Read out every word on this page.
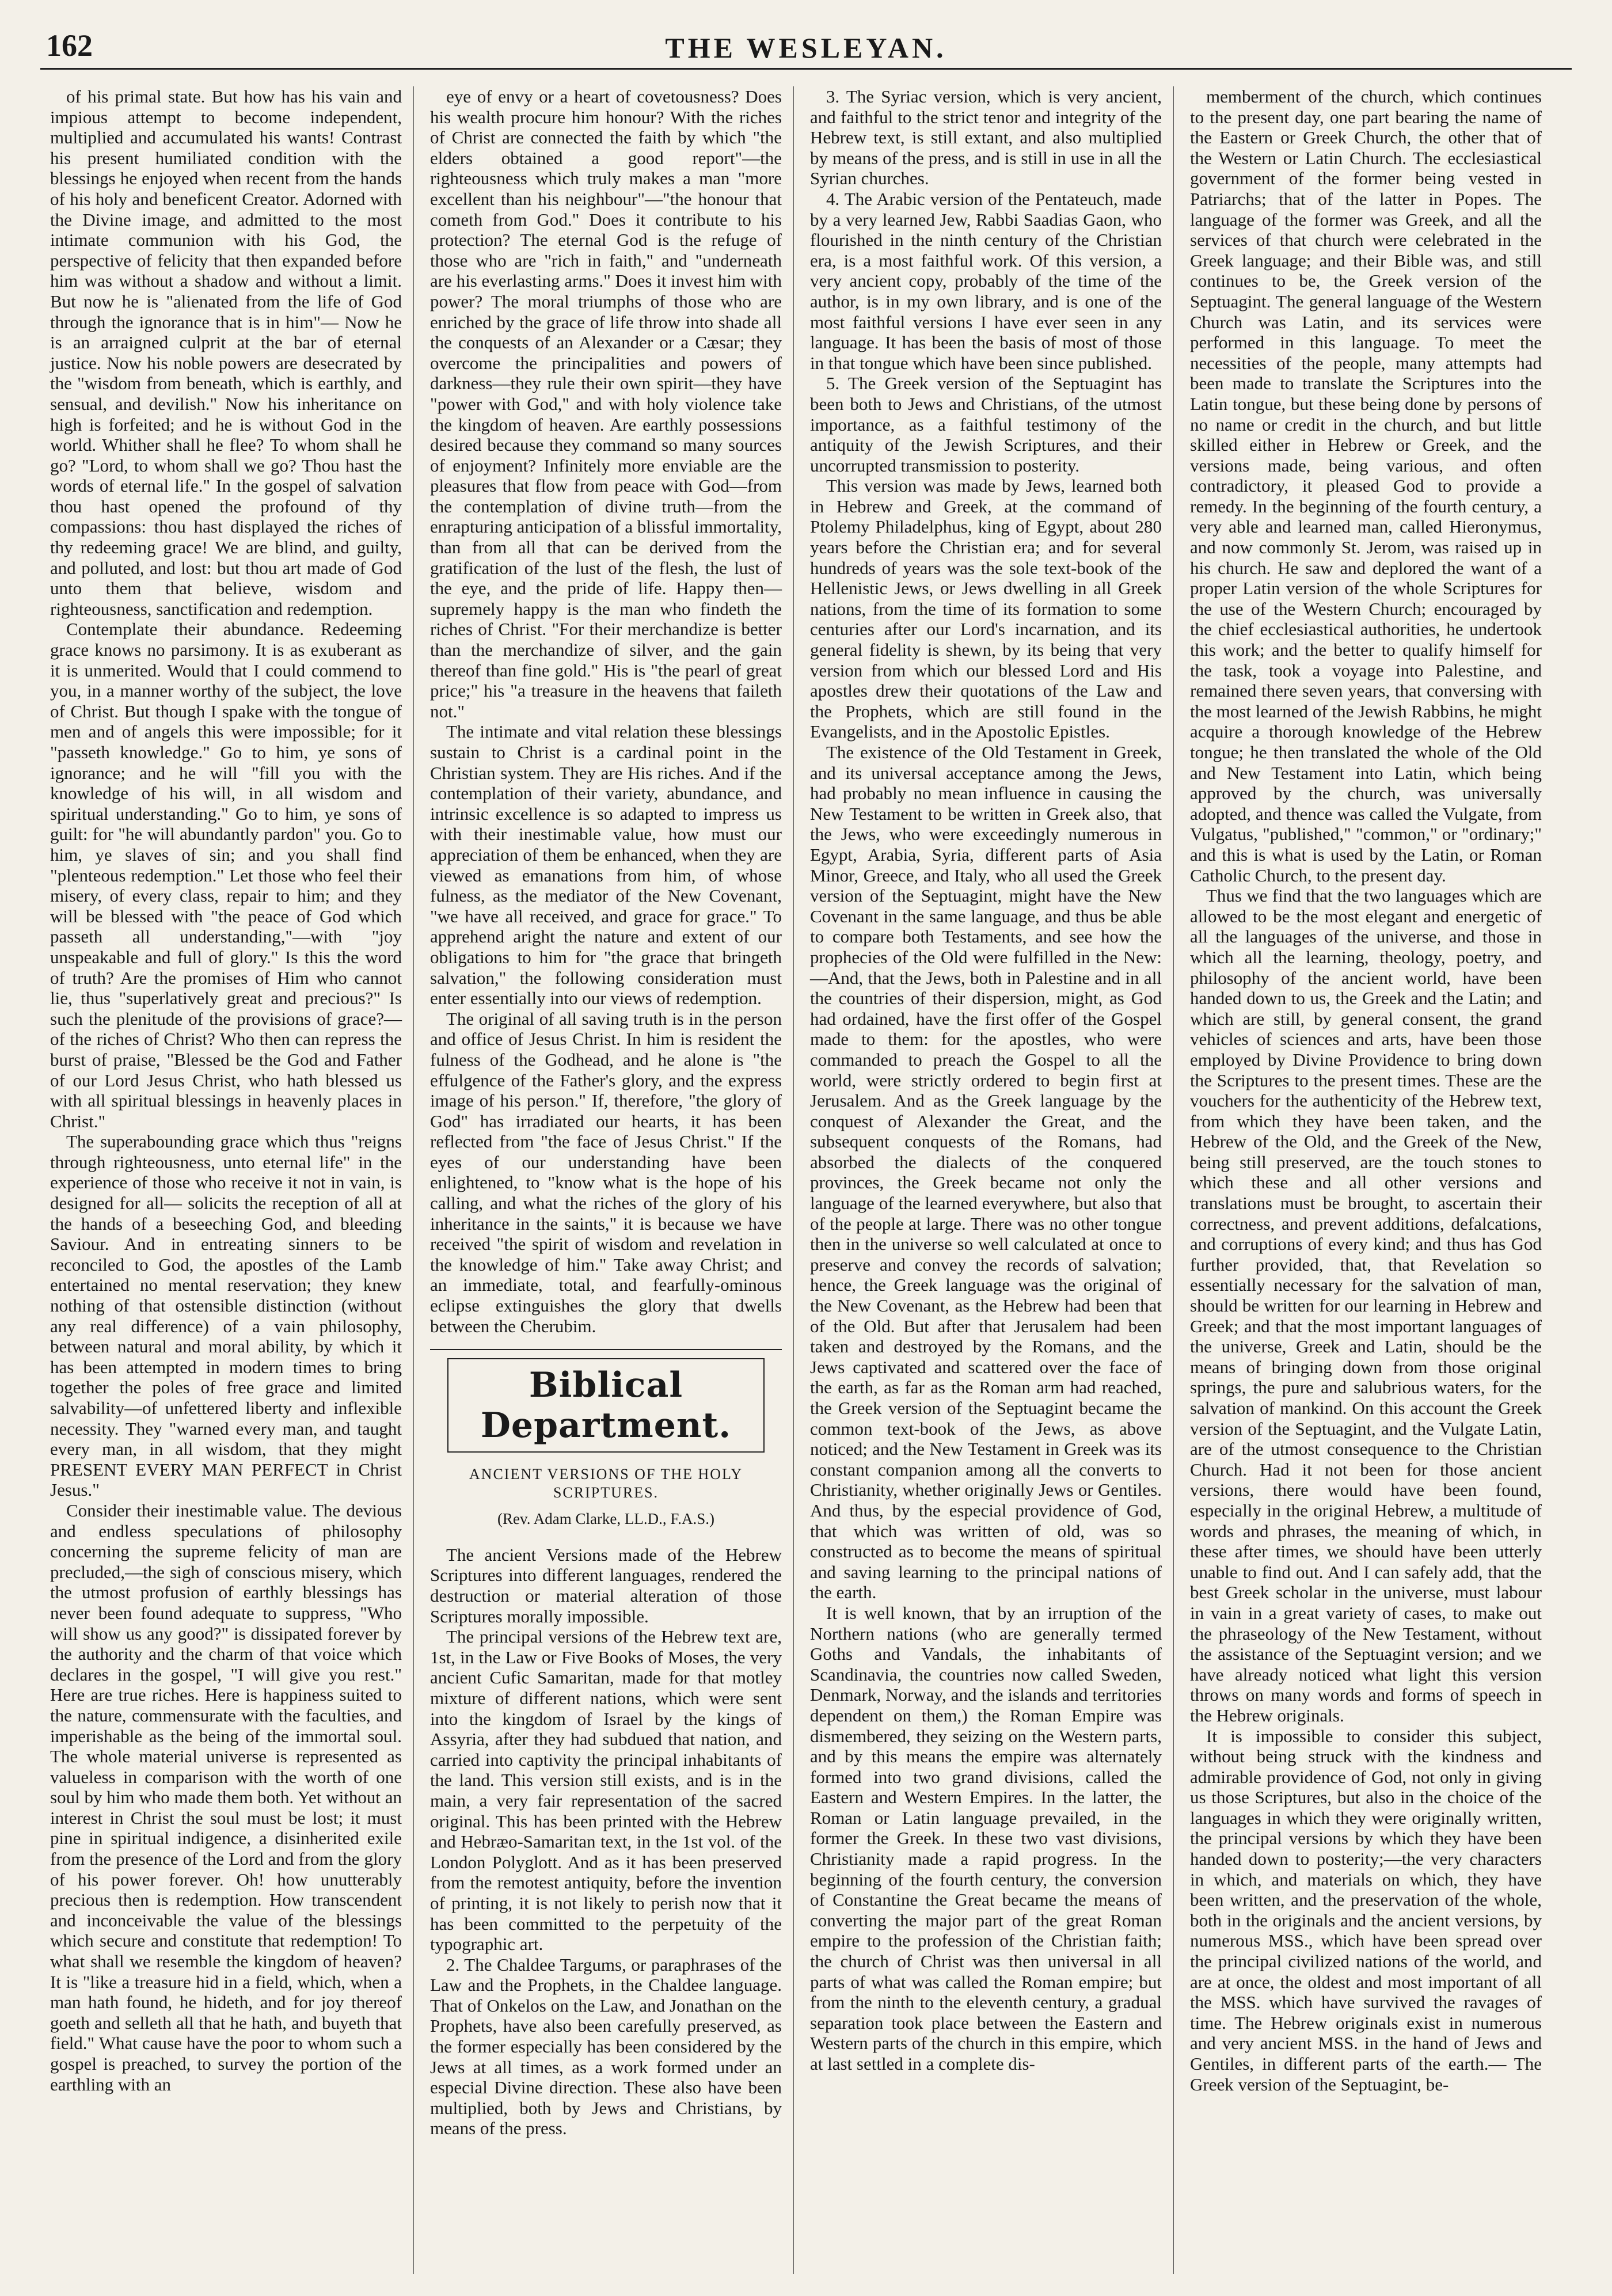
162	THE WESLEYAN.

of his primal state. But how has his vain and impious attempt to become independent, multiplied and accumulated his wants! Contrast his present humiliated condition with the blessings he enjoyed when recent from the hands of his holy and beneficent Creator. Adorned with the Divine image, and admitted to the most intimate communion with his God, the perspective of felicity that then expanded before him was without a shadow and without a limit. But now he is "alienated from the life of God through the ignorance that is in him"— Now he is an arraigned culprit at the bar of eternal justice. Now his noble powers are desecrated by the "wisdom from beneath, which is earthly, and sensual, and devilish." Now his inheritance on high is forfeited; and he is without God in the world. Whither shall he flee? To whom shall he go? "Lord, to whom shall we go? Thou hast the words of eternal life." In the gospel of salvation thou hast opened the profound of thy compassions: thou hast displayed the riches of thy redeeming grace! We are blind, and guilty, and polluted, and lost: but thou art made of God unto them that believe, wisdom and righteousness, sanctification and redemption.

Contemplate their abundance. Redeeming grace knows no parsimony. It is as exuberant as it is unmerited. Would that I could commend to you, in a manner worthy of the subject, the love of Christ. But though I spake with the tongue of men and of angels this were impossible; for it "passeth knowledge." Go to him, ye sons of ignorance; and he will "fill you with the knowledge of his will, in all wisdom and spiritual understanding." Go to him, ye sons of guilt: for "he will abundantly pardon" you. Go to him, ye slaves of sin; and you shall find "plenteous redemption." Let those who feel their misery, of every class, repair to him; and they will be blessed with "the peace of God which passeth all understanding,"—with "joy unspeakable and full of glory." Is this the word of truth? Are the promises of Him who cannot lie, thus "superlatively great and precious?" Is such the plenitude of the provisions of grace?—of the riches of Christ? Who then can repress the burst of praise, "Blessed be the God and Father of our Lord Jesus Christ, who hath blessed us with all spiritual blessings in heavenly places in Christ."

The superabounding grace which thus "reigns through righteousness, unto eternal life" in the experience of those who receive it not in vain, is designed for all— solicits the reception of all at the hands of a beseeching God, and bleeding Saviour. And in entreating sinners to be reconciled to God, the apostles of the Lamb entertained no mental reservation; they knew nothing of that ostensible distinction (without any real difference) of a vain philosophy, between natural and moral ability, by which it has been attempted in modern times to bring together the poles of free grace and limited salvability—of unfettered liberty and inflexible necessity. They "warned every man, and taught every man, in all wisdom, that they might PRESENT EVERY MAN PERFECT in Christ Jesus."

Consider their inestimable value. The devious and endless speculations of philosophy concerning the supreme felicity of man are precluded,—the sigh of conscious misery, which the utmost profusion of earthly blessings has never been found adequate to suppress, "Who will show us any good?" is dissipated forever by the authority and the charm of that voice which declares in the gospel, "I will give you rest." Here are true riches. Here is happiness suited to the nature, commensurate with the faculties, and imperishable as the being of the immortal soul. The whole material universe is represented as valueless in comparison with the worth of one soul by him who made them both. Yet without an interest in Christ the soul must be lost; it must pine in spiritual indigence, a disinherited exile from the presence of the Lord and from the glory of his power forever. Oh! how unutterably precious then is redemption. How transcendent and inconceivable the value of the blessings which secure and constitute that redemption! To what shall we resemble the kingdom of heaven? It is "like a treasure hid in a field, which, when a man hath found, he hideth, and for joy thereof goeth and selleth all that he hath, and buyeth that field." What cause have the poor to whom such a gospel is preached, to survey the portion of the earthling with an

eye of envy or a heart of covetousness? Does his wealth procure him honour? With the riches of Christ are connected the faith by which "the elders obtained a good report"—the righteousness which truly makes a man "more excellent than his neighbour"—"the honour that cometh from God." Does it contribute to his protection? The eternal God is the refuge of those who are "rich in faith," and "underneath are his everlasting arms." Does it invest him with power? The moral triumphs of those who are enriched by the grace of life throw into shade all the conquests of an Alexander or a Cæsar; they overcome the principalities and powers of darkness—they rule their own spirit—they have "power with God," and with holy violence take the kingdom of heaven. Are earthly possessions desired because they command so many sources of enjoyment? Infinitely more enviable are the pleasures that flow from peace with God—from the contemplation of divine truth—from the enrapturing anticipation of a blissful immortality, than from all that can be derived from the gratification of the lust of the flesh, the lust of the eye, and the pride of life. Happy then—supremely happy is the man who findeth the riches of Christ. "For their merchandize is better than the merchandize of silver, and the gain thereof than fine gold." His is "the pearl of great price;" his "a treasure in the heavens that faileth not."

The intimate and vital relation these blessings sustain to Christ is a cardinal point in the Christian system. They are His riches. And if the contemplation of their variety, abundance, and intrinsic excellence is so adapted to impress us with their inestimable value, how must our appreciation of them be enhanced, when they are viewed as emanations from him, of whose fulness, as the mediator of the New Covenant, "we have all received, and grace for grace." To apprehend aright the nature and extent of our obligations to him for "the grace that bringeth salvation," the following consideration must enter essentially into our views of redemption.

The original of all saving truth is in the person and office of Jesus Christ. In him is resident the fulness of the Godhead, and he alone is "the effulgence of the Father's glory, and the express image of his person." If, therefore, "the glory of God" has irradiated our hearts, it has been reflected from "the face of Jesus Christ." If the eyes of our understanding have been enlightened, to "know what is the hope of his calling, and what the riches of the glory of his inheritance in the saints," it is because we have received "the spirit of wisdom and revelation in the knowledge of him." Take away Christ; and an immediate, total, and fearfully-ominous eclipse extinguishes the glory that dwells between the Cherubim.

Biblical Department.
ANCIENT VERSIONS OF THE HOLY SCRIPTURES.
(Rev. Adam Clarke, LL.D., F.A.S.)

The ancient Versions made of the Hebrew Scriptures into different languages, rendered the destruction or material alteration of those Scriptures morally impossible.

The principal versions of the Hebrew text are, 1st, in the Law or Five Books of Moses, the very ancient Cufic Samaritan, made for that motley mixture of different nations, which were sent into the kingdom of Israel by the kings of Assyria, after they had subdued that nation, and carried into captivity the principal inhabitants of the land. This version still exists, and is in the main, a very fair representation of the sacred original. This has been printed with the Hebrew and Hebræo-Samaritan text, in the 1st vol. of the London Polyglott. And as it has been preserved from the remotest antiquity, before the invention of printing, it is not likely to perish now that it has been committed to the perpetuity of the typographic art.

2. The Chaldee Targums, or paraphrases of the Law and the Prophets, in the Chaldee language. That of Onkelos on the Law, and Jonathan on the Prophets, have also been carefully preserved, as the former especially has been considered by the Jews at all times, as a work formed under an especial Divine direction. These also have been multiplied, both by Jews and Christians, by means of the press.

3. The Syriac version, which is very ancient, and faithful to the strict tenor and integrity of the Hebrew text, is still extant, and also multiplied by means of the press, and is still in use in all the Syrian churches.

4. The Arabic version of the Pentateuch, made by a very learned Jew, Rabbi Saadias Gaon, who flourished in the ninth century of the Christian era, is a most faithful work. Of this version, a very ancient copy, probably of the time of the author, is in my own library, and is one of the most faithful versions I have ever seen in any language. It has been the basis of most of those in that tongue which have been since published.

5. The Greek version of the Septuagint has been both to Jews and Christians, of the utmost importance, as a faithful testimony of the antiquity of the Jewish Scriptures, and their uncorrupted transmission to posterity.

This version was made by Jews, learned both in Hebrew and Greek, at the command of Ptolemy Philadelphus, king of Egypt, about 280 years before the Christian era; and for several hundreds of years was the sole text-book of the Hellenistic Jews, or Jews dwelling in all Greek nations, from the time of its formation to some centuries after our Lord's incarnation, and its general fidelity is shewn, by its being that very version from which our blessed Lord and His apostles drew their quotations of the Law and the Prophets, which are still found in the Evangelists, and in the Apostolic Epistles.

The existence of the Old Testament in Greek, and its universal acceptance among the Jews, had probably no mean influence in causing the New Testament to be written in Greek also, that the Jews, who were exceedingly numerous in Egypt, Arabia, Syria, different parts of Asia Minor, Greece, and Italy, who all used the Greek version of the Septuagint, might have the New Covenant in the same language, and thus be able to compare both Testaments, and see how the prophecies of the Old were fulfilled in the New:—And, that the Jews, both in Palestine and in all the countries of their dispersion, might, as God had ordained, have the first offer of the Gospel made to them: for the apostles, who were commanded to preach the Gospel to all the world, were strictly ordered to begin first at Jerusalem. And as the Greek language by the conquest of Alexander the Great, and the subsequent conquests of the Romans, had absorbed the dialects of the conquered provinces, the Greek became not only the language of the learned everywhere, but also that of the people at large. There was no other tongue then in the universe so well calculated at once to preserve and convey the records of salvation; hence, the Greek language was the original of the New Covenant, as the Hebrew had been that of the Old. But after that Jerusalem had been taken and destroyed by the Romans, and the Jews captivated and scattered over the face of the earth, as far as the Roman arm had reached, the Greek version of the Septuagint became the common text-book of the Jews, as above noticed; and the New Testament in Greek was its constant companion among all the converts to Christianity, whether originally Jews or Gentiles. And thus, by the especial providence of God, that which was written of old, was so constructed as to become the means of spiritual and saving learning to the principal nations of the earth.

It is well known, that by an irruption of the Northern nations (who are generally termed Goths and Vandals, the inhabitants of Scandinavia, the countries now called Sweden, Denmark, Norway, and the islands and territories dependent on them,) the Roman Empire was dismembered, they seizing on the Western parts, and by this means the empire was alternately formed into two grand divisions, called the Eastern and Western Empires. In the latter, the Roman or Latin language prevailed, in the former the Greek. In these two vast divisions, Christianity made a rapid progress. In the beginning of the fourth century, the conversion of Constantine the Great became the means of converting the major part of the great Roman empire to the profession of the Christian faith; the church of Christ was then universal in all parts of what was called the Roman empire; but from the ninth to the eleventh century, a gradual separation took place between the Eastern and Western parts of the church in this empire, which at last settled in a complete dis-

memberment of the church, which continues to the present day, one part bearing the name of the Eastern or Greek Church, the other that of the Western or Latin Church. The ecclesiastical government of the former being vested in Patriarchs; that of the latter in Popes. The language of the former was Greek, and all the services of that church were celebrated in the Greek language; and their Bible was, and still continues to be, the Greek version of the Septuagint. The general language of the Western Church was Latin, and its services were performed in this language. To meet the necessities of the people, many attempts had been made to translate the Scriptures into the Latin tongue, but these being done by persons of no name or credit in the church, and but little skilled either in Hebrew or Greek, and the versions made, being various, and often contradictory, it pleased God to provide a remedy. In the beginning of the fourth century, a very able and learned man, called Hieronymus, and now commonly St. Jerom, was raised up in his church. He saw and deplored the want of a proper Latin version of the whole Scriptures for the use of the Western Church; encouraged by the chief ecclesiastical authorities, he undertook this work; and the better to qualify himself for the task, took a voyage into Palestine, and remained there seven years, that conversing with the most learned of the Jewish Rabbins, he might acquire a thorough knowledge of the Hebrew tongue; he then translated the whole of the Old and New Testament into Latin, which being approved by the church, was universally adopted, and thence was called the Vulgate, from Vulgatus, "published," "common," or "ordinary;" and this is what is used by the Latin, or Roman Catholic Church, to the present day.

Thus we find that the two languages which are allowed to be the most elegant and energetic of all the languages of the universe, and those in which all the learning, theology, poetry, and philosophy of the ancient world, have been handed down to us, the Greek and the Latin; and which are still, by general consent, the grand vehicles of sciences and arts, have been those employed by Divine Providence to bring down the Scriptures to the present times. These are the vouchers for the authenticity of the Hebrew text, from which they have been taken, and the Hebrew of the Old, and the Greek of the New, being still preserved, are the touch stones to which these and all other versions and translations must be brought, to ascertain their correctness, and prevent additions, defalcations, and corruptions of every kind; and thus has God further provided, that, that Revelation so essentially necessary for the salvation of man, should be written for our learning in Hebrew and Greek; and that the most important languages of the universe, Greek and Latin, should be the means of bringing down from those original springs, the pure and salubrious waters, for the salvation of mankind. On this account the Greek version of the Septuagint, and the Vulgate Latin, are of the utmost consequence to the Christian Church. Had it not been for those ancient versions, there would have been found, especially in the original Hebrew, a multitude of words and phrases, the meaning of which, in these after times, we should have been utterly unable to find out. And I can safely add, that the best Greek scholar in the universe, must labour in vain in a great variety of cases, to make out the phraseology of the New Testament, without the assistance of the Septuagint version; and we have already noticed what light this version throws on many words and forms of speech in the Hebrew originals.

It is impossible to consider this subject, without being struck with the kindness and admirable providence of God, not only in giving us those Scriptures, but also in the choice of the languages in which they were originally written, the principal versions by which they have been handed down to posterity;—the very characters in which, and materials on which, they have been written, and the preservation of the whole, both in the originals and the ancient versions, by numerous MSS., which have been spread over the principal civilized nations of the world, and are at once, the oldest and most important of all the MSS. which have survived the ravages of time. The Hebrew originals exist in numerous and very ancient MSS. in the hand of Jews and Gentiles, in different parts of the earth.— The Greek version of the Septuagint, be-
